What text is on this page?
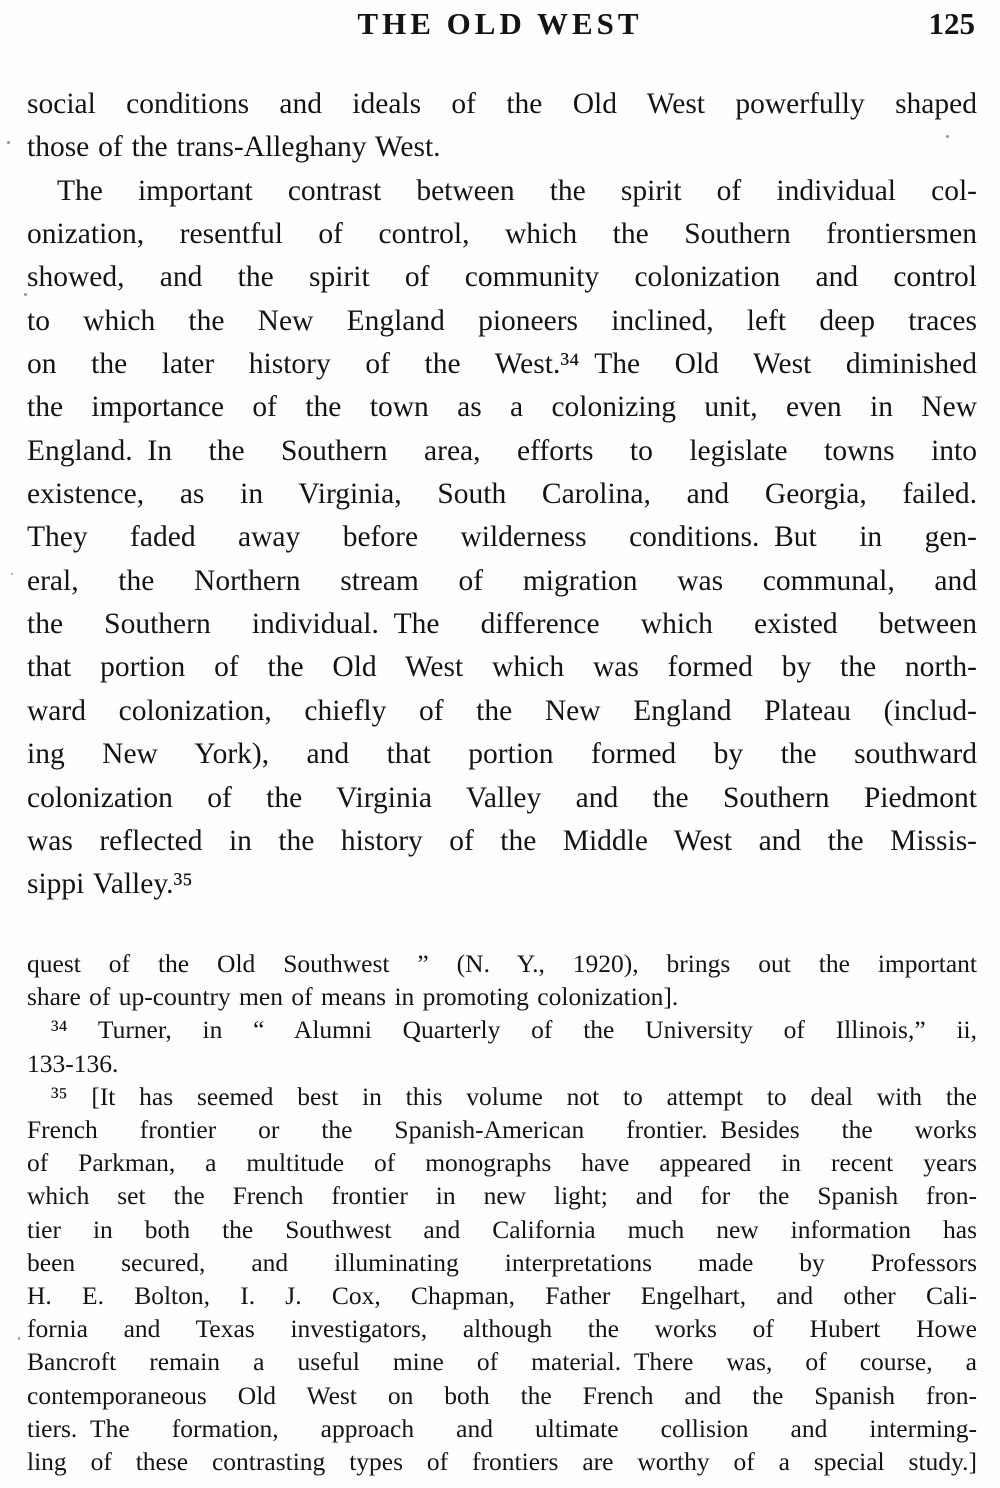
THE OLD WEST	125
social conditions and ideals of the Old West powerfully shaped
those of the trans-Alleghany West.
The important contrast between the spirit of individual col-
onization, resentful of control, which the Southern frontiersmen
showed, and the spirit of community colonization and control
to which the New England pioneers inclined, left deep traces
on the later history of the West.³⁴ The Old West diminished
the importance of the town as a colonizing unit, even in New
England. In the Southern area, efforts to legislate towns into
existence, as in Virginia, South Carolina, and Georgia, failed.
They faded away before wilderness conditions. But in gen-
eral, the Northern stream of migration was communal, and
the Southern individual. The difference which existed between
that portion of the Old West which was formed by the north-
ward colonization, chiefly of the New England Plateau (includ-
ing New York), and that portion formed by the southward
colonization of the Virginia Valley and the Southern Piedmont
was reflected in the history of the Middle West and the Missis-
sippi Valley.³⁵
quest of the Old Southwest ” (N. Y., 1920), brings out the important
share of up-country men of means in promoting colonization].
³⁴ Turner, in “ Alumni Quarterly of the University of Illinois,” ii,
133-136.
³⁵ [It has seemed best in this volume not to attempt to deal with the
French frontier or the Spanish-American frontier. Besides the works
of Parkman, a multitude of monographs have appeared in recent years
which set the French frontier in new light; and for the Spanish fron-
tier in both the Southwest and California much new information has
been secured, and illuminating interpretations made by Professors
H. E. Bolton, I. J. Cox, Chapman, Father Engelhart, and other Cali-
fornia and Texas investigators, although the works of Hubert Howe
Bancroft remain a useful mine of material. There was, of course, a
contemporaneous Old West on both the French and the Spanish fron-
tiers. The formation, approach and ultimate collision and interming-
ling of these contrasting types of frontiers are worthy of a special study.]
